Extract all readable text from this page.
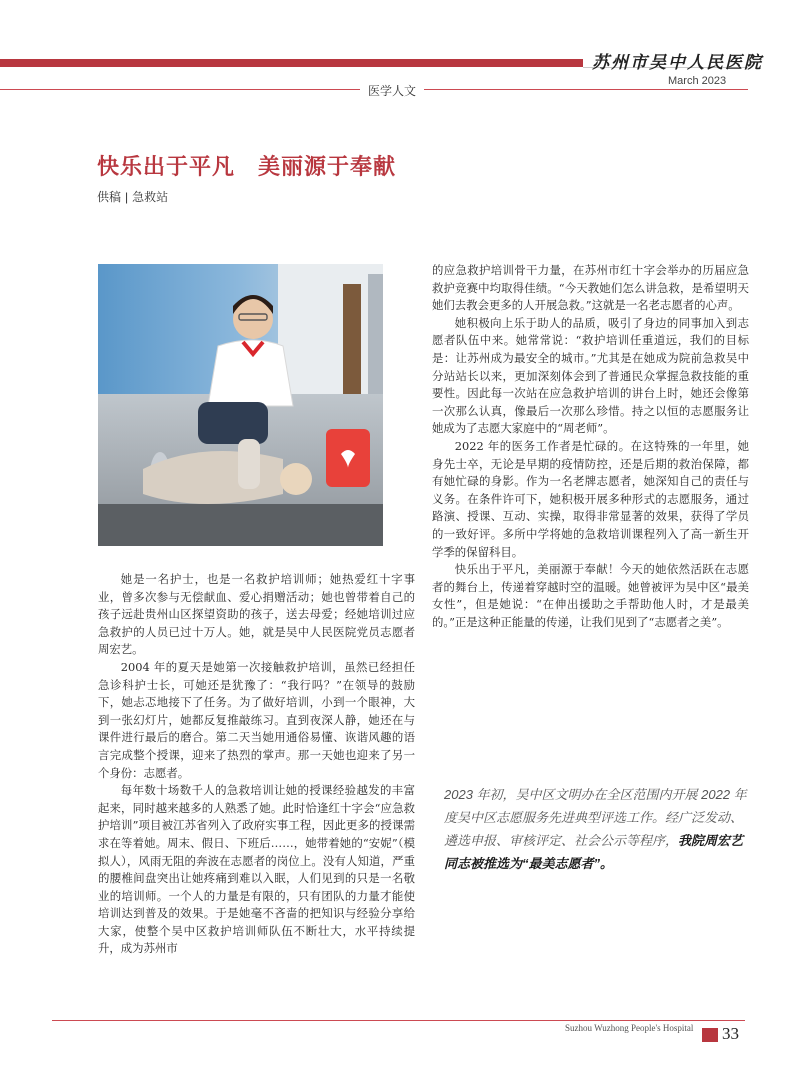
苏州市吴中人民医院
March 2023
医学人文
快乐出于平凡　美丽源于奉献
供稿 | 急救站

她是一名护士，也是一名救护培训师；她热爱红十字事业，曾多次参与无偿献血、爱心捐赠活动；她也曾带着自己的孩子远赴贵州山区探望资助的孩子，送去母爱；经她培训过应急救护的人员已过十万人。她，就是吴中人民医院党员志愿者周宏艺。

2004 年的夏天是她第一次接触救护培训，虽然已经担任急诊科护士长，可她还是犹豫了：“我行吗？”在领导的鼓励下，她忐忑地接下了任务。为了做好培训，小到一个眼神，大到一张幻灯片，她都反复推敲练习。直到夜深人静，她还在与课件进行最后的磨合。第二天当她用通俗易懂、诙谐风趣的语言完成整个授课，迎来了热烈的掌声。那一天她也迎来了另一个身份：志愿者。

每年数十场数千人的急救培训让她的授课经验越发的丰富起来，同时越来越多的人熟悉了她。此时恰逢红十字会“应急救护培训”项目被江苏省列入了政府实事工程，因此更多的授课需求在等着她。周末、假日、下班后……，她带着她的“安妮”（模拟人），风雨无阻的奔波在志愿者的岗位上。没有人知道，严重的腰椎间盘突出让她疼痛到难以入眠，人们见到的只是一名敬业的培训师。一个人的力量是有限的，只有团队的力量才能使培训达到普及的效果。于是她毫不吝啬的把知识与经验分享给大家，使整个吴中区救护培训师队伍不断壮大，水平持续提升，成为苏州市

的应急救护培训骨干力量，在苏州市红十字会举办的历届应急救护竞赛中均取得佳绩。“今天教她们怎么讲急救，是希望明天她们去教会更多的人开展急救。”这就是一名老志愿者的心声。

她积极向上乐于助人的品质，吸引了身边的同事加入到志愿者队伍中来。她常常说：“救护培训任重道远，我们的目标是：让苏州成为最安全的城市。”尤其是在她成为院前急救吴中分站站长以来，更加深刻体会到了普通民众掌握急救技能的重要性。因此每一次站在应急救护培训的讲台上时，她还会像第一次那么认真，像最后一次那么珍惜。持之以恒的志愿服务让她成为了志愿大家庭中的“周老师”。

2022 年的医务工作者是忙碌的。在这特殊的一年里，她身先士卒，无论是早期的疫情防控，还是后期的救治保障，都有她忙碌的身影。作为一名老牌志愿者，她深知自己的责任与义务。在条件许可下，她积极开展多种形式的志愿服务，通过路演、授课、互动、实操，取得非常显著的效果，获得了学员的一致好评。多所中学将她的急救培训课程列入了高一新生开学季的保留科目。

快乐出于平凡，美丽源于奉献！今天的她依然活跃在志愿者的舞台上，传递着穿越时空的温暖。她曾被评为吴中区“最美女性”，但是她说：“在伸出援助之手帮助他人时，才是最美的。”正是这种正能量的传递，让我们见到了“志愿者之美”。

2023 年初，吴中区文明办在全区范围内开展 2022 年度吴中区志愿服务先进典型评选工作。经广泛发动、遴选申报、审核评定、社会公示等程序，我院周宏艺同志被推选为“最美志愿者”。
Suzhou Wuzhong People's Hospital 33
